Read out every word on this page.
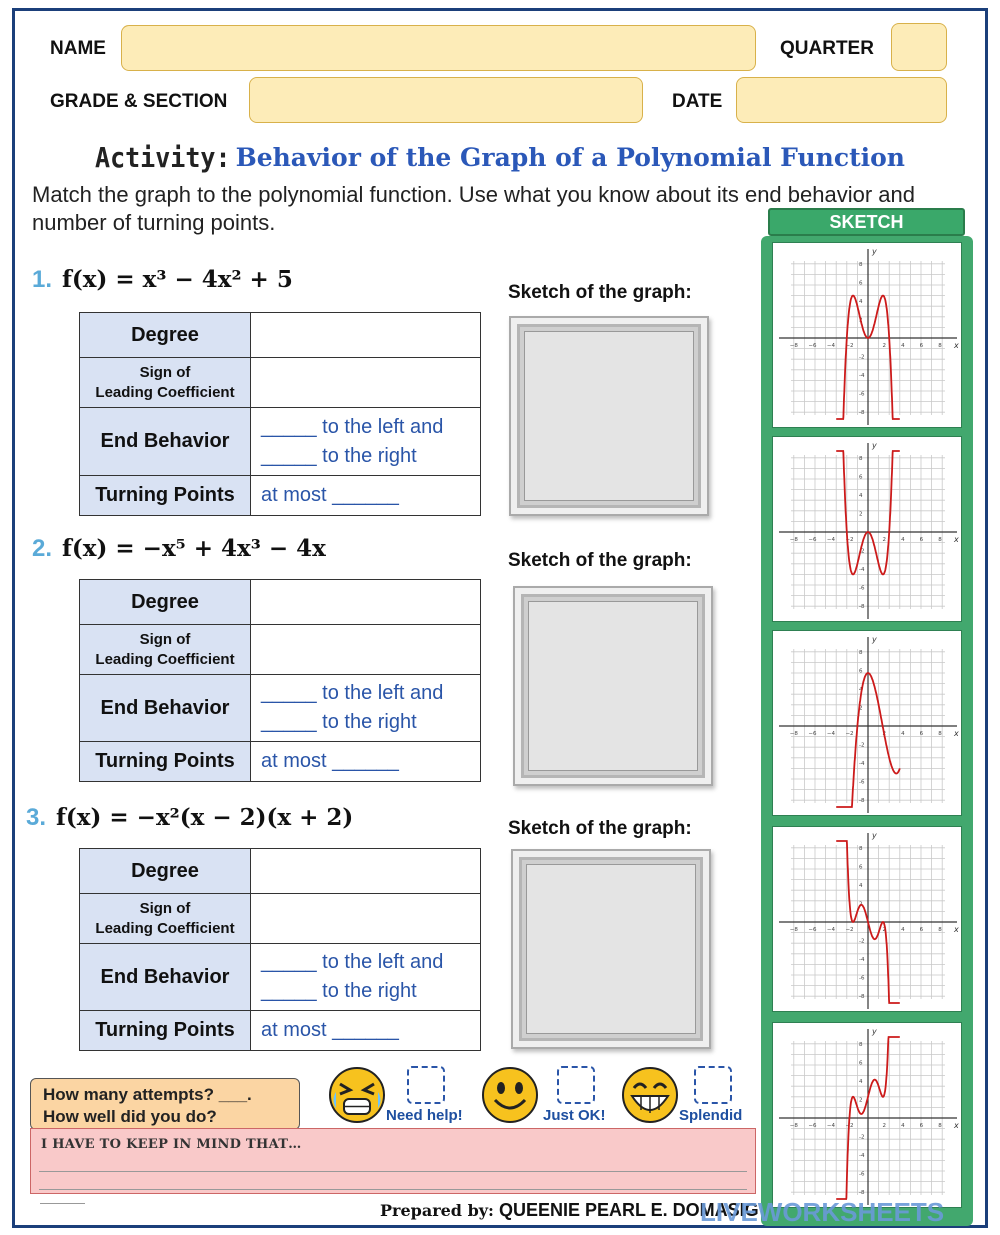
NAME	QUARTER
GRADE & SECTION	DATE
Activity: Behavior of the Graph of a Polynomial Function
Match the graph to the polynomial function. Use what you know about its end behavior and number of turning points.
1. f(x) = x³ − 4x² + 5	Sketch of the graph:
Degree	
Sign of
Leading Coefficient	
End Behavior	_____ to the left and
_____ to the right

Turning Points	at most ______
2. f(x) = −x⁵ + 4x³ − 4x	Sketch of the graph:
Degree	
Sign of
Leading Coefficient	
End Behavior	_____ to the left and
_____ to the right

Turning Points	at most ______
3. f(x) = −x²(x − 2)(x + 2)	Sketch of the graph:
Degree	
Sign of
Leading Coefficient	
End Behavior	_____ to the left and
_____ to the right

Turning Points	at most ______
SKETCH
x
y
−8
-8
−6
-6
−4
-4
−2
-2
2
2
4
4
6
6
8
8
x
y
−8
-8
−6
-6
−4
-4
−2
-2
2
2
4
4
6
6
8
8
x
y
−8
-8
−6
-6
−4
-4
−2
-2
2
2
4
4
6
6
8
8
x
y
−8
-8
−6
-6
−4
-4
−2
-2
2
2
4
4
6
6
8
8
x
y
−8
-8
−6
-6
−4
-4
−2
-2
2
2
4
4
6
6
8
8
How many attempts? ___.
How well did you do?	Need help!	Just OK!	Splendid
I HAVE TO KEEP IN MIND THAT…
Prepared by: QUEENIE PEARL E. DOMASIG
LIVEWORKSHEETS
